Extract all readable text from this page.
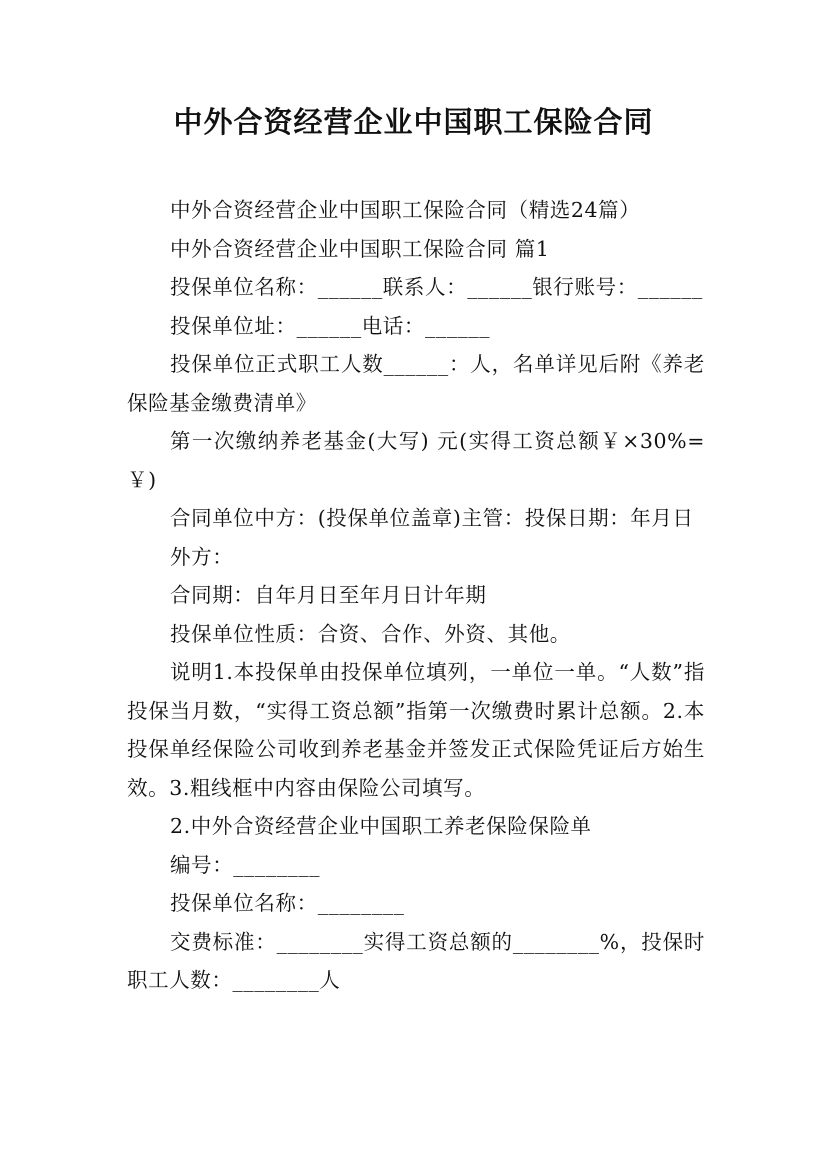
中外合资经营企业中国职工保险合同

中外合资经营企业中国职工保险合同（精选24篇）

中外合资经营企业中国职工保险合同 篇1

投保单位名称：______联系人：______银行账号：______

投保单位址：______电话：______

投保单位正式职工人数______：人，名单详见后附《养老保险基金缴费清单》

第一次缴纳养老基金(大写) 元(实得工资总额￥×30%=￥)

合同单位中方：(投保单位盖章)主管：投保日期：年月日

外方：

合同期：自年月日至年月日计年期

投保单位性质：合资、合作、外资、其他。

说明1.本投保单由投保单位填列，一单位一单。“人数”指投保当月数，“实得工资总额”指第一次缴费时累计总额。2.本投保单经保险公司收到养老基金并签发正式保险凭证后方始生效。3.粗线框中内容由保险公司填写。

2.中外合资经营企业中国职工养老保险保险单

编号：________

投保单位名称：________

交费标准：________实得工资总额的________%，投保时职工人数：________人
